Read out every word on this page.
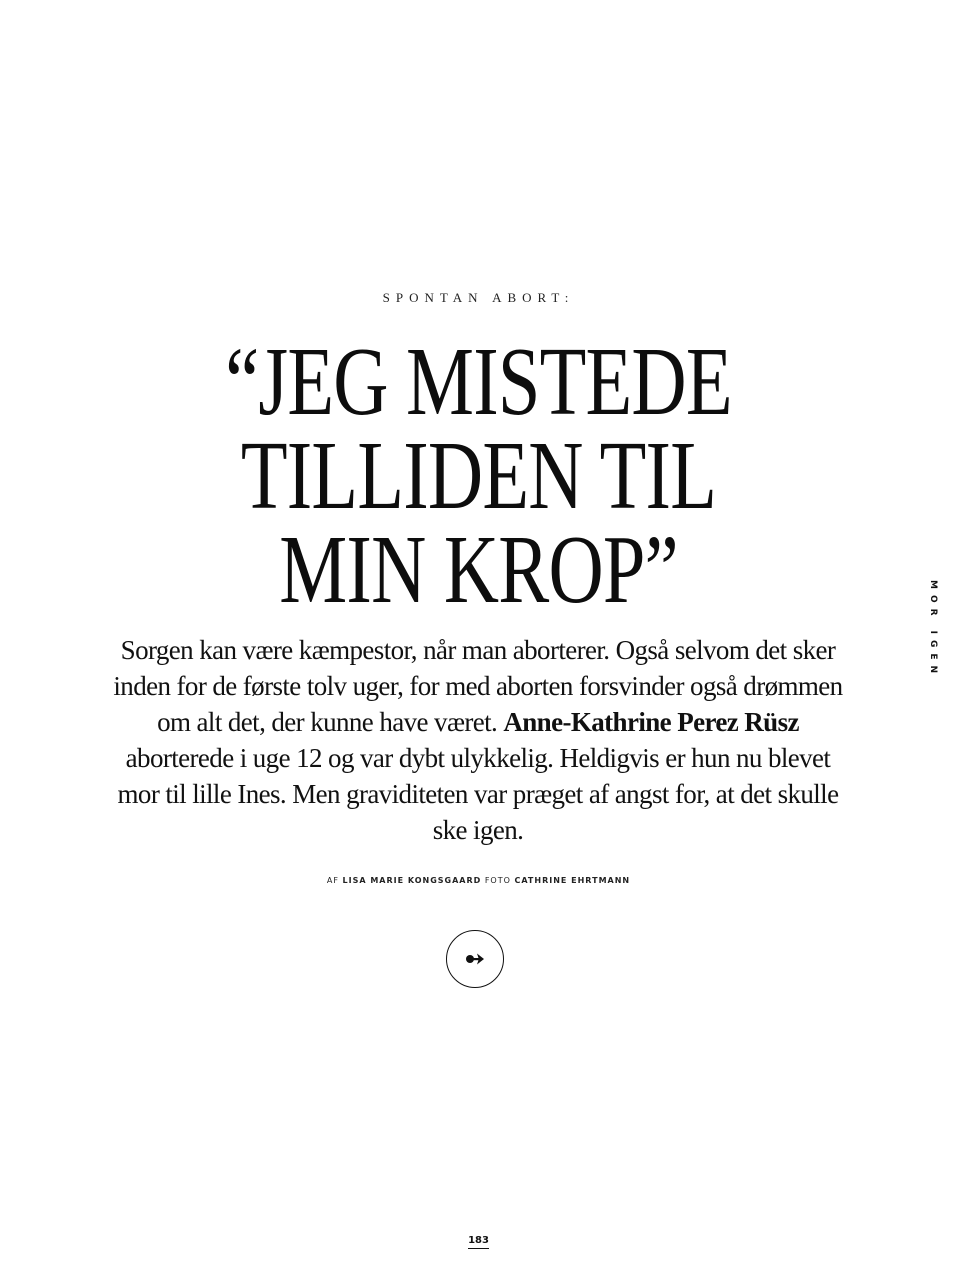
SPONTAN ABORT:
“JEG MISTEDE
TILLIDEN TIL
MIN KROP”

Sorgen kan være kæmpestor, når man aborterer. Også selvom det sker inden for de første tolv uger, for med aborten forsvinder også drømmen om alt det, der kunne have været. Anne-Kathrine Perez Rüsz aborterede i uge 12 og var dybt ulykkelig. Heldigvis er hun nu blevet mor til lille Ines. Men graviditeten var præget af angst for, at det skulle ske igen.

AF LISA MARIE KONGSGAARD FOTO CATHRINE EHRTMANN
MOR IGEN
183
